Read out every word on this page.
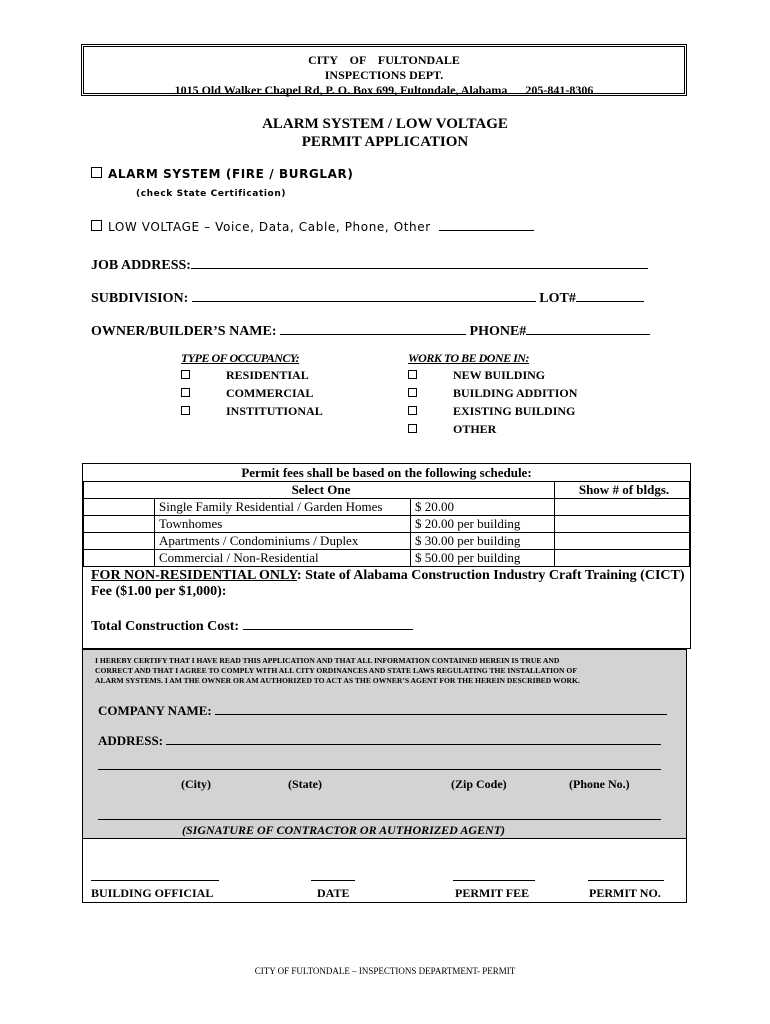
CITY    OF    FULTONDALE
INSPECTIONS DEPT.
1015 Old Walker Chapel Rd, P. O. Box 699, Fultondale, Alabama 205-841-8306
ALARM SYSTEM / LOW VOLTAGE
PERMIT APPLICATION
ALARM SYSTEM (FIRE / BURGLAR)
(check State Certification)
LOW VOLTAGE – Voice, Data, Cable, Phone, Other
JOB ADDRESS:
SUBDIVISION:	LOT#
OWNER/BUILDER’S NAME:	PHONE#
TYPE OF OCCUPANCY:
RESIDENTIAL
COMMERCIAL
INSTITUTIONAL
WORK TO BE DONE IN:
NEW BUILDING
BUILDING ADDITION
EXISTING BUILDING
OTHER
Permit fees shall be based on the following schedule:
Select One	Show # of bldgs.
Single Family Residential / Garden Homes	$ 20.00
Townhomes	$ 20.00 per building
Apartments / Condominiums / Duplex	$ 30.00 per building
Commercial / Non-Residential	$ 50.00 per building
FOR NON-RESIDENTIAL ONLY: State of Alabama Construction Industry Craft Training (CICT)
Fee ($1.00 per $1,000):
Total Construction Cost:
I HEREBY CERTIFY THAT I HAVE READ THIS APPLICATION AND THAT ALL INFORMATION CONTAINED HEREIN IS TRUE AND
CORRECT AND THAT I AGREE TO COMPLY WITH ALL CITY ORDINANCES AND STATE LAWS REGULATING THE INSTALLATION OF
ALARM SYSTEMS. I AM THE OWNER OR AM AUTHORIZED TO ACT AS THE OWNER’S AGENT FOR THE HEREIN DESCRIBED WORK.
COMPANY NAME:
ADDRESS:
(City)	(State)	(Zip Code)	(Phone No.)
(SIGNATURE OF CONTRACTOR OR AUTHORIZED AGENT)
BUILDING OFFICIAL	DATE	PERMIT FEE	PERMIT NO.
CITY OF FULTONDALE – INSPECTIONS DEPARTMENT- PERMIT
